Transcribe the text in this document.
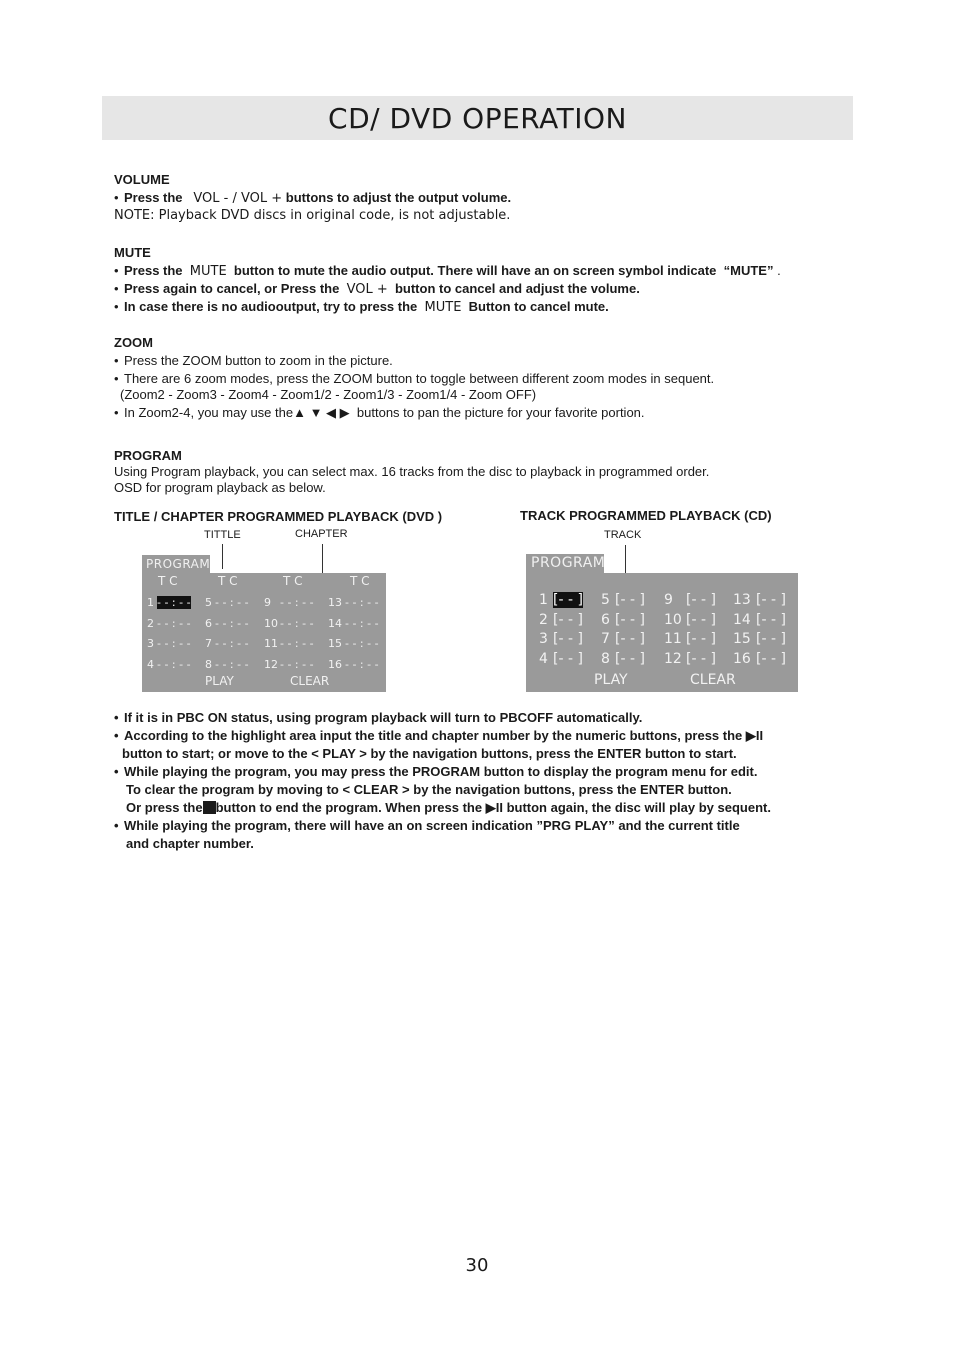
CD/ DVD OPERATION
VOLUME
• Press the VOL - / VOL + buttons to adjust the output volume.
NOTE: Playback DVD discs in original code, is not adjustable.
MUTE
• Press the MUTE button to mute the audio output. There will have an on screen symbol indicate “MUTE” .
• Press again to cancel, or Press the VOL + button to cancel and adjust the volume.
• In case there is no audiooutput, try to press the MUTE Button to cancel mute.
ZOOM
• Press the ZOOM button to zoom in the picture.
• There are 6 zoom modes, press the ZOOM button to toggle between different zoom modes in sequent.
(Zoom2 - Zoom3 - Zoom4 - Zoom1/2 - Zoom1/3 - Zoom1/4 - Zoom OFF)
• In Zoom2-4, you may use the▲ ▼ ◀ ▶ buttons to pan the picture for your favorite portion.
PROGRAM
Using Program playback, you can select max. 16 tracks from the disc to playback in programmed order.
OSD for program playback as below.
TITLE / CHAPTER PROGRAMMED PLAYBACK (DVD )
TITTLE	CHAPTER
PROGRAM
T C	T C	T C	T C
1 - - : - - 5 - - : - - 9 - - : - - 13 - - : - -
2 - - : - - 6 - - : - - 10 - - : - - 14 - - : - -
3 - - : - - 7 - - : - - 11 - - : - - 15 - - : - -
4 - - : - - 8 - - : - - 12 - - : - - 16 - - : - -
PLAY	CLEAR
TRACK PROGRAMMED PLAYBACK (CD)
TRACK
PROGRAM
1 [- - ] 5 [- - ] 9 [- - ] 13 [- - ]
2 [- - ] 6 [- - ] 10 [- - ] 14 [- - ]
3 [- - ] 7 [- - ] 11 [- - ] 15 [- - ]
4 [- - ] 8 [- - ] 12 [- - ] 16 [- - ]
PLAY	CLEAR
• If it is in PBC ON status, using program playback will turn to PBCOFF automatically.
• According to the highlight area input the title and chapter number by the numeric buttons, press the ▶II
button to start; or move to the < PLAY > by the navigation buttons, press the ENTER button to start.
• While playing the program, you may press the PROGRAM button to display the program menu for edit.
To clear the program by moving to < CLEAR > by the navigation buttons, press the ENTER button.
Or press the button to end the program. When press the ▶II button again, the disc will play by sequent.
• While playing the program, there will have an on screen indication ”PRG PLAY” and the current title
and chapter number.
30
